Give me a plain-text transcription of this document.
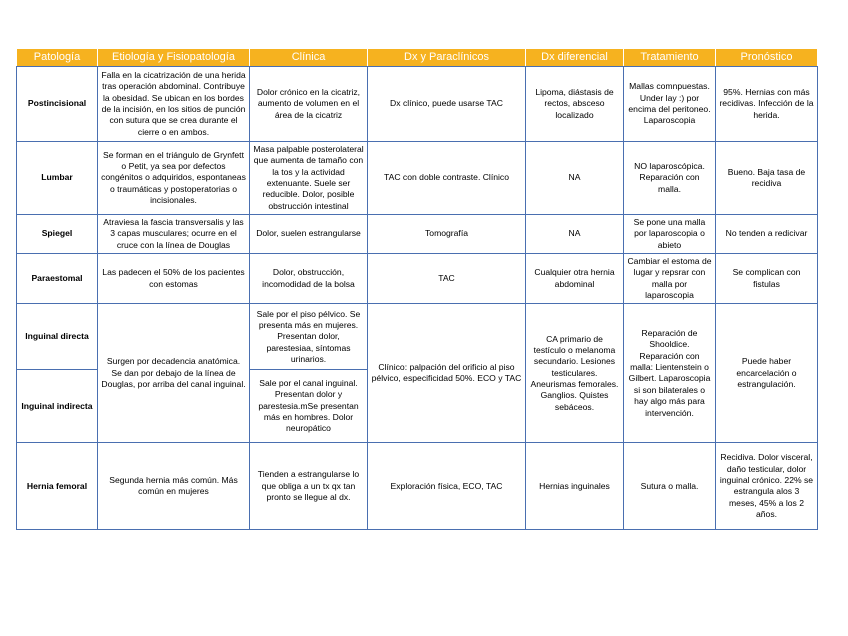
Patología	Etiología y Fisiopatología	Clínica	Dx y Paraclínicos	Dx diferencial	Tratamiento	Pronóstico
Postincisional	Falla en la cicatrización de una herida tras operación abdominal. Contribuye la obesidad. Se ubican en los bordes de la incisión, en los sitios de punción con sutura que se crea durante el cierre o en ambos.	Dolor crónico en la cicatriz, aumento de volumen en el área de la cicatriz	Dx clínico, puede usarse TAC	Lipoma, diástasis de rectos, absceso localizado	Mallas comnpuestas. Under lay :) por encima del peritoneo. Laparoscopia	95%. Hernias con más recidivas. Infección de la herida.
Lumbar	Se forman en el triángulo de Grynfett o Petit, ya sea por defectos congénitos o adquiridos, espontaneas o traumáticas y postoperatorias o incisionales.	Masa palpable posterolateral que aumenta de tamaño con la tos y la actividad extenuante. Suele ser reducible. Dolor, posible obstrucción intestinal	TAC con doble contraste. Clínico	NA	NO laparoscópica. Reparación con malla.	Bueno. Baja tasa de recidiva
Spiegel	Atraviesa la fascia transversalis y las 3 capas musculares; ocurre en el cruce con la línea de Douglas	Dolor, suelen estrangularse	Tomografía	NA	Se pone una malla por laparoscopia o abieto	No tenden a redicivar
Paraestomal	Las padecen el 50% de los pacientes con estomas	Dolor, obstrucción, incomodidad de la bolsa	TAC	Cualquier otra hernia abdominal	Cambiar el estoma de lugar y repsrar con malla por laparoscopia	Se complican con fistulas
Inguinal directa	Surgen por decadencia anatómica. Se dan por debajo de la línea de Douglas, por arriba del canal inguinal.	Sale por el piso pélvico. Se presenta más en mujeres. Presentan dolor, parestesiaa, síntomas urinarios.	Clínico: palpación del orificio al piso pélvico, especificidad 50%. ECO y TAC	CA primario de testículo o melanoma secundario. Lesiones testiculares. Aneurismas femorales. Ganglios. Quistes sebáceos.	Reparación de Shooldice. Reparación con malla: Lientenstein o Gilbert. Laparoscopia si son bilaterales o hay algo más para intervención.	Puede haber encarcelación o estrangulación.
Inguinal indirecta		Sale por el canal inguinal. Presentan dolor y parestesia.mSe presentan más en hombres. Dolor neuropático				
Hernia femoral	Segunda hernia más común. Más común en mujeres	Tienden a estrangularse lo que obliga a un tx qx tan pronto se llegue al dx.	Exploración física, ECO, TAC	Hernias inguinales	Sutura o malla.	Recidiva. Dolor visceral, daño testicular, dolor inguinal crónico. 22% se estrangula alos 3 meses, 45% a los 2 años.
